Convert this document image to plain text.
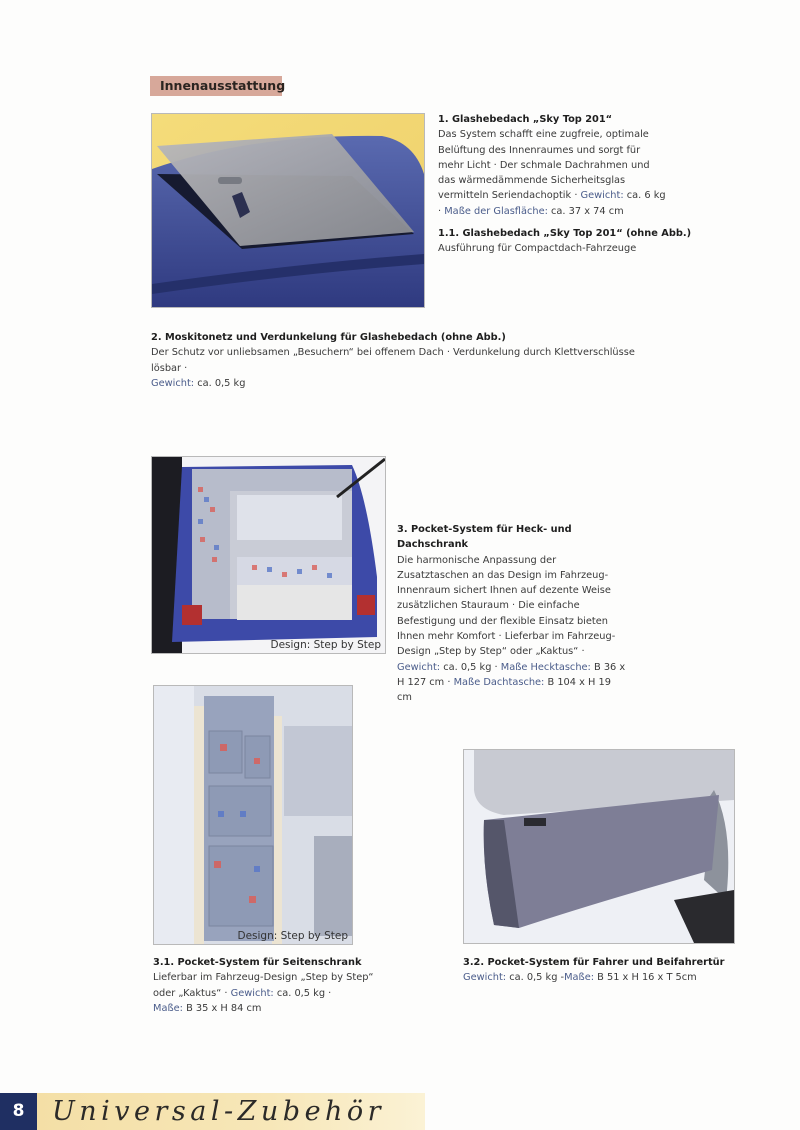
Innenausstattung
1. Glashebedach „Sky Top 201“
Das System schafft eine zugfreie, optimale Belüftung des Innenraumes und sorgt für mehr Licht · Der schmale Dachrahmen und das wärmedämmende Sicherheitsglas vermitteln Seriendachoptik · Gewicht: ca. 6 kg · Maße der Glasfläche: ca. 37 x 74 cm
1.1. Glashebedach „Sky Top 201“ (ohne Abb.)
Ausführung für Compactdach-Fahrzeuge
2. Moskitonetz und Verdunkelung für Glashebedach (ohne Abb.)
Der Schutz vor unliebsamen „Besuchern“ bei offenem Dach · Verdunkelung durch Klettverschlüsse lösbar ·
Gewicht: ca. 0,5 kg
Design: Step by Step
3. Pocket-System für Heck- und Dachschrank
Die harmonische Anpassung der Zusatztaschen an das Design im Fahrzeug-Innenraum sichert Ihnen auf dezente Weise zusätzlichen Stauraum · Die einfache Befestigung und der flexible Einsatz bieten Ihnen mehr Komfort · Lieferbar im Fahrzeug-Design „Step by Step“ oder „Kaktus“ · Gewicht: ca. 0,5 kg · Maße Hecktasche: B 36 x H 127 cm · Maße Dachtasche: B 104 x H 19 cm
Design: Step by Step
3.1. Pocket-System für Seitenschrank
Lieferbar im Fahrzeug-Design „Step by Step“ oder „Kaktus“ · Gewicht: ca. 0,5 kg ·
Maße: B 35 x H 84 cm
3.2. Pocket-System für Fahrer und Beifahrertür
Gewicht: ca. 0,5 kg -Maße: B 51 x H 16 x T 5cm
8	Universal-Zubehör
